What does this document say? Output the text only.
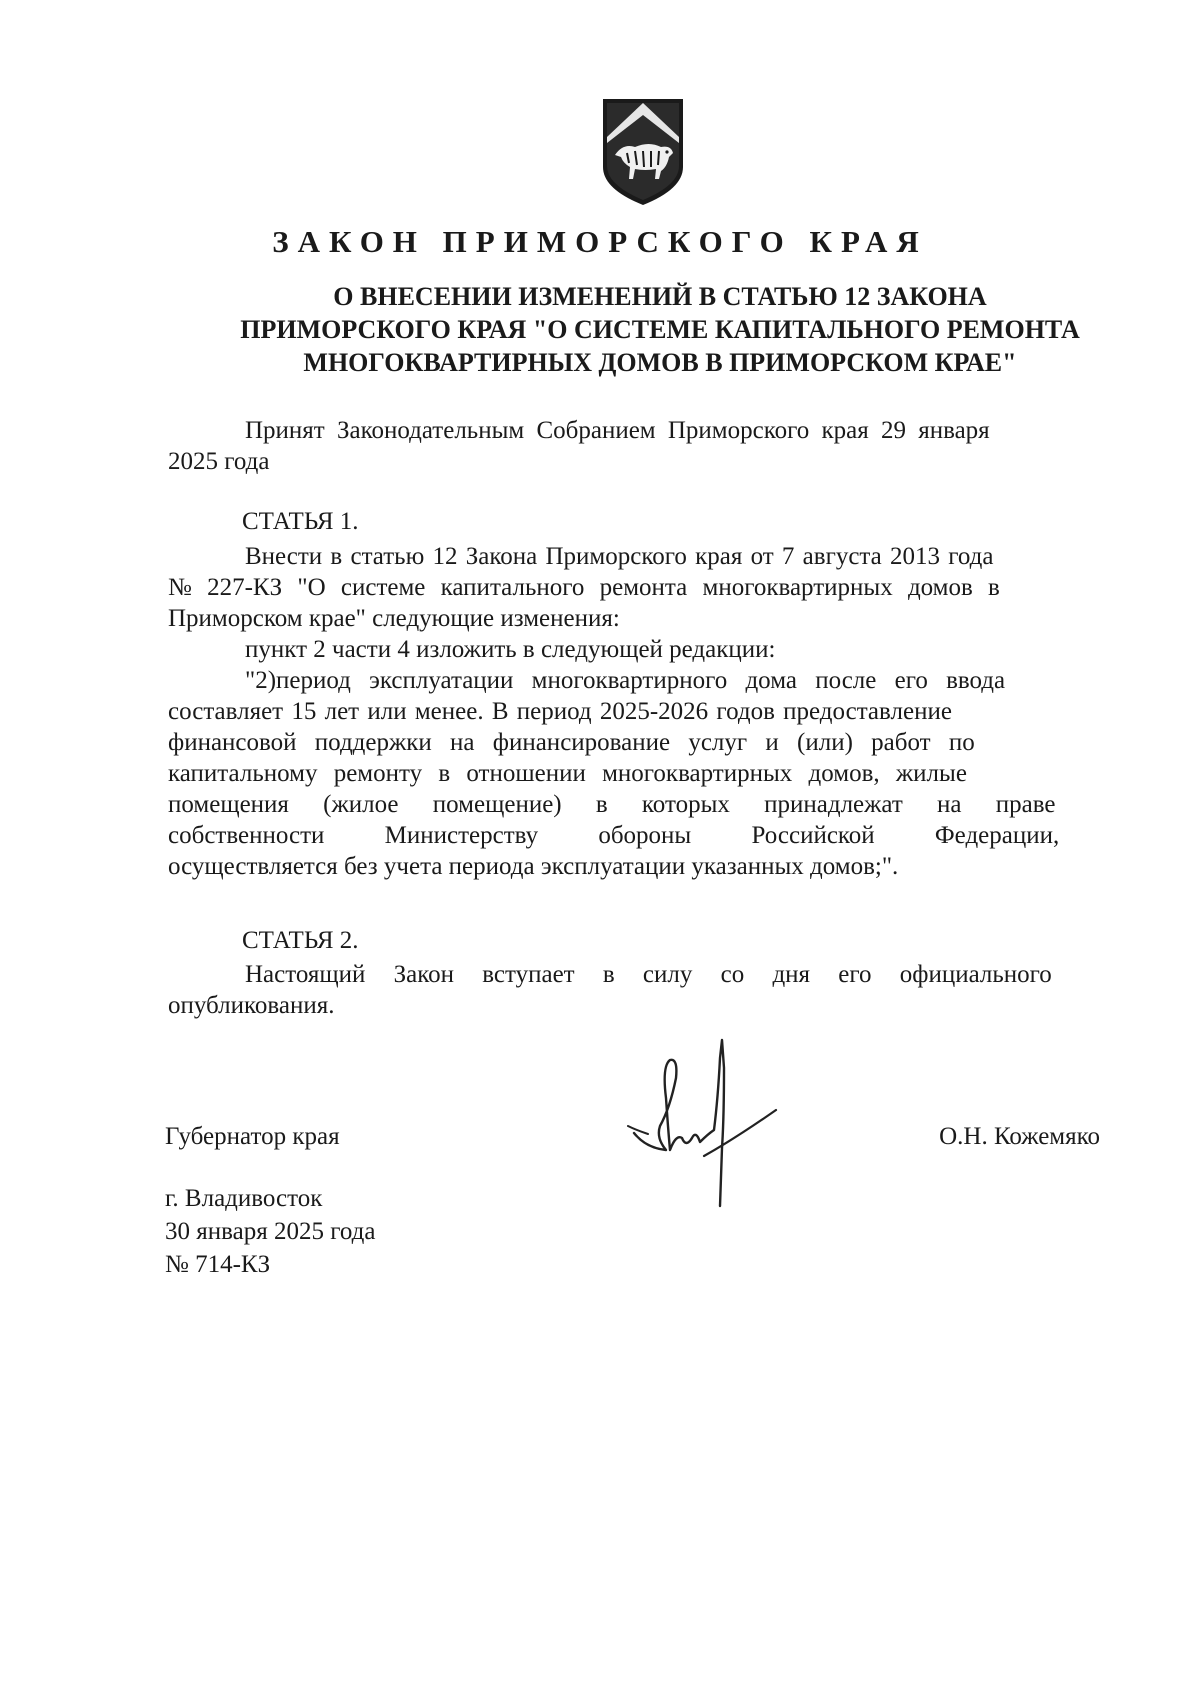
ЗАКОН ПРИМОРСКОГО КРАЯ
О ВНЕСЕНИИ ИЗМЕНЕНИЙ В СТАТЬЮ 12 ЗАКОНА
ПРИМОРСКОГО КРАЯ "О СИСТЕМЕ КАПИТАЛЬНОГО РЕМОНТА
МНОГОКВАРТИРНЫХ ДОМОВ В ПРИМОРСКОМ КРАЕ"
Принят Законодательным Собранием Приморского края 29 января
2025 года
СТАТЬЯ 1.
Внести в статью 12 Закона Приморского края от 7 августа 2013 года
№ 227-КЗ "О системе капитального ремонта многоквартирных домов в
Приморском крае" следующие изменения:
пункт 2 части 4 изложить в следующей редакции:
"2)период эксплуатации многоквартирного дома после его ввода
составляет 15 лет или менее. В период 2025-2026 годов предоставление
финансовой поддержки на финансирование услуг и (или) работ по
капитальному ремонту в отношении многоквартирных домов, жилые
помещения (жилое помещение) в которых принадлежат на праве
собственности Министерству обороны Российской Федерации,
осуществляется без учета периода эксплуатации указанных домов;".
СТАТЬЯ 2.
Настоящий Закон вступает в силу со дня его официального
опубликования.
Губернатор края	О.Н. Кожемяко
г. Владивосток
30 января 2025 года
№ 714-КЗ
